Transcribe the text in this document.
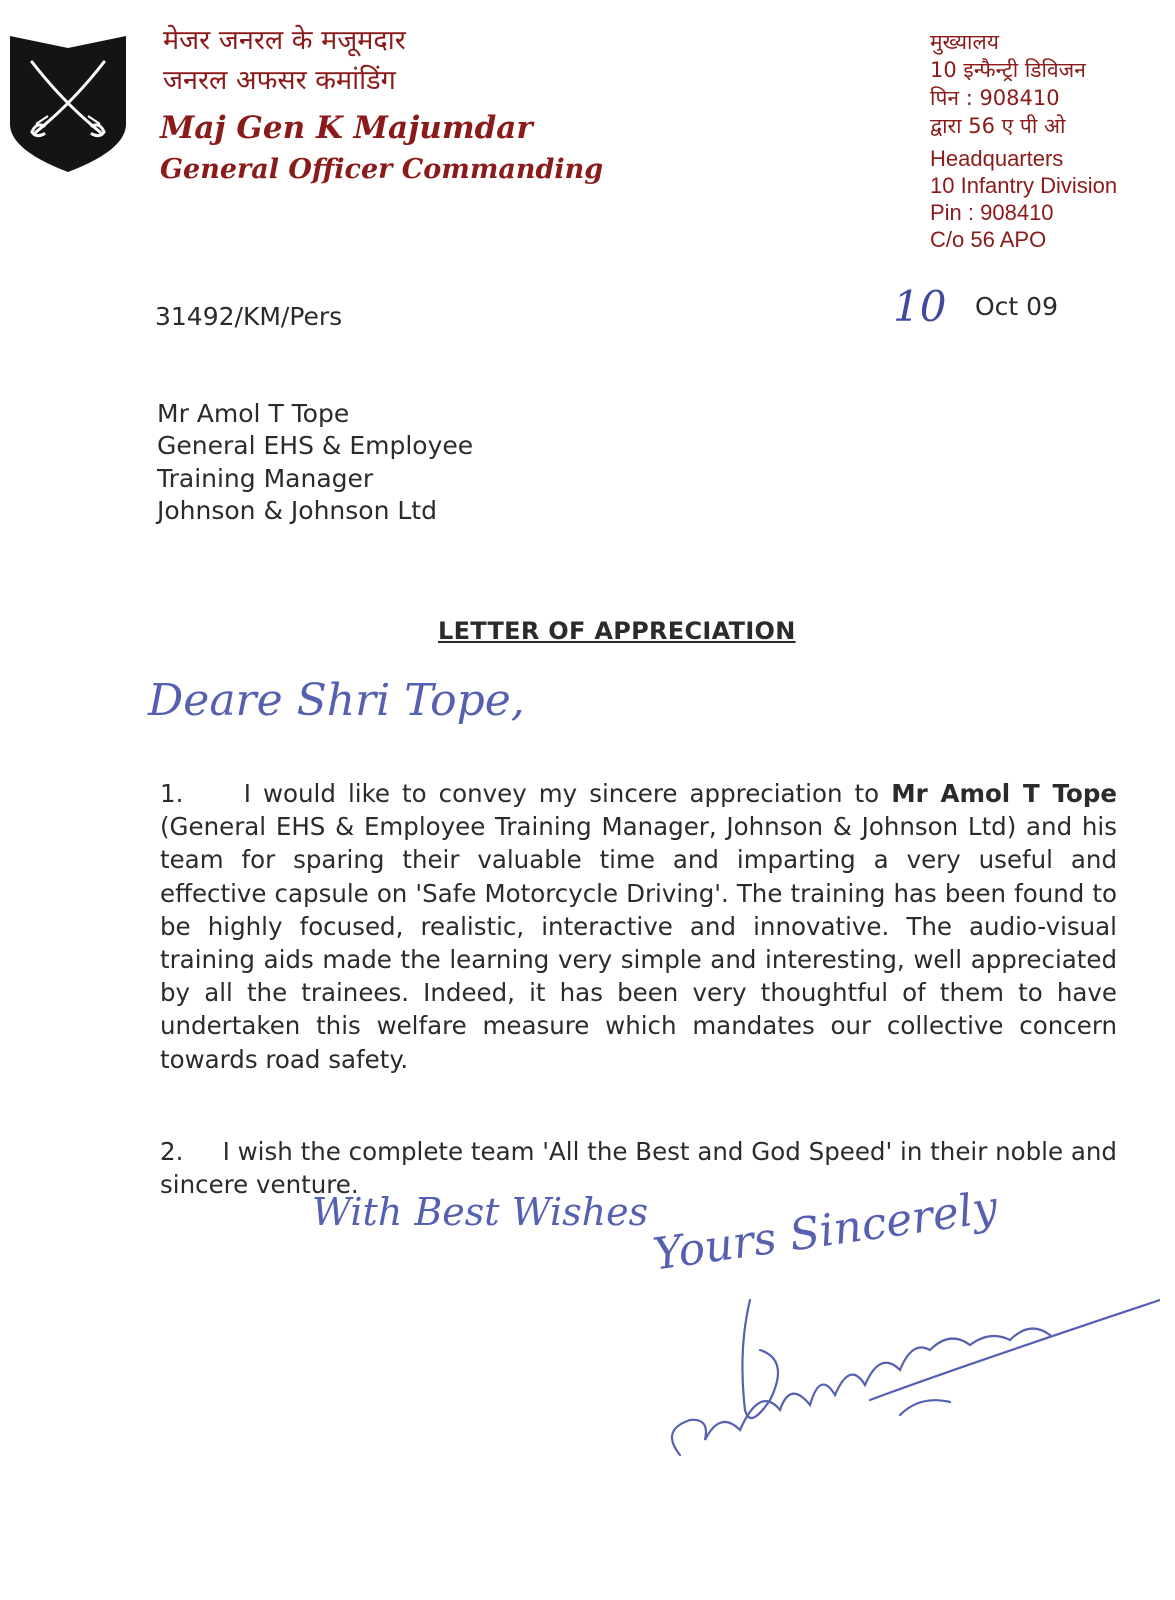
मेजर जनरल के मजूमदार
जनरल अफसर कमांडिंग
Maj Gen K Majumdar
General Officer Commanding
मुख्यालय
10 इन्फैन्ट्री डिविजन
पिन : 908410
द्वारा 56 ए पी ओ
Headquarters
10 Infantry Division
Pin : 908410
C/o 56 APO
31492/KM/Pers	10 Oct 09
Mr Amol T Tope
General EHS & Employee
Training Manager
Johnson & Johnson Ltd
LETTER OF APPRECIATION
Deare Shri Tope,

1. I would like to convey my sincere appreciation to Mr Amol T Tope (General EHS & Employee Training Manager, Johnson & Johnson Ltd) and his team for sparing their valuable time and imparting a very useful and effective capsule on 'Safe Motorcycle Driving'. The training has been found to be highly focused, realistic, interactive and innovative. The audio-visual training aids made the learning very simple and interesting, well appreciated by all the trainees. Indeed, it has been very thoughtful of them to have undertaken this welfare measure which mandates our collective concern towards road safety.

2. I wish the complete team 'All the Best and God Speed' in their noble and sincere venture.

With Best Wishes Yours Sincerely
